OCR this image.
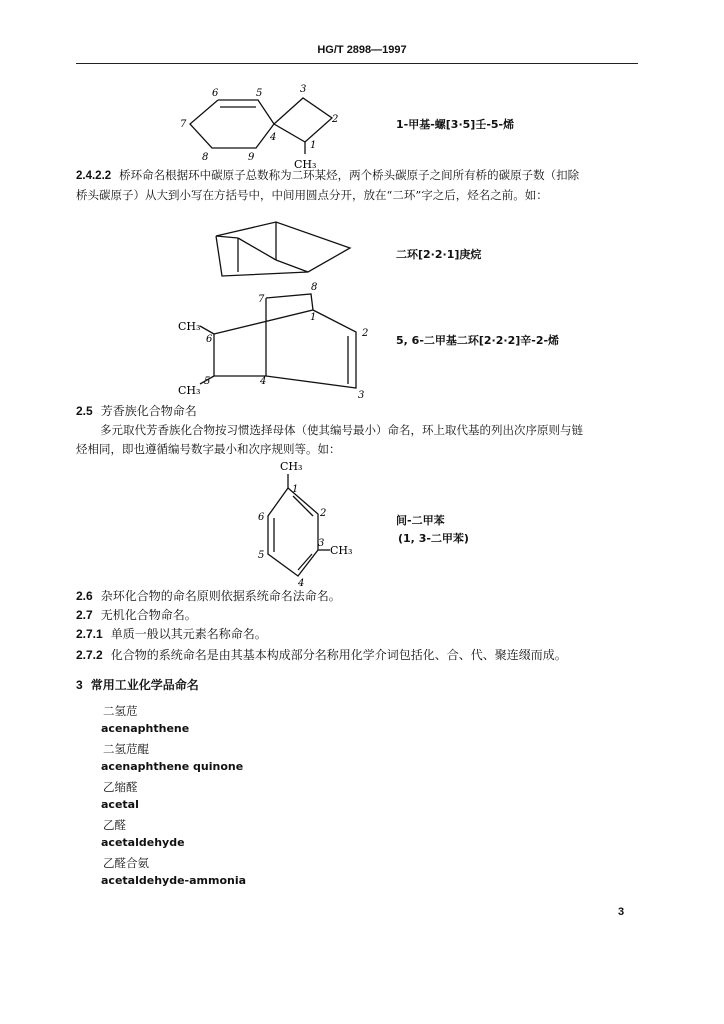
HG/T 2898—1997
6	5
7
4
8	9
3
2
1
CH₃
1-甲基-螺[3·5]壬-5-烯
2.4.2.2 桥环命名根据环中碳原子总数称为二环某烃，两个桥头碳原子之间所有桥的碳原子数（扣除
桥头碳原子）从大到小写在方括号中，中间用圆点分开，放在“二环”字之后，烃名之前。如：
二环[2·2·1]庚烷
7
8
1
6
2
5	4
3
CH₃
CH₃
5, 6-二甲基二环[2·2·2]辛-2-烯
2.5 芳香族化合物命名
多元取代芳香族化合物按习惯选择母体（使其编号最小）命名，环上取代基的列出次序原则与链
烃相同，即也遵循编号数字最小和次序规则等。如：
CH₃
1
6	2
5
3
4
CH₃
间-二甲苯
(1, 3-二甲苯)
2.6 杂环化合物的命名原则依据系统命名法命名。
2.7 无机化合物命名。
2.7.1 单质一般以其元素名称命名。
2.7.2 化合物的系统命名是由其基本构成部分名称用化学介词包括化、合、代、聚连缀而成。
3 常用工业化学品命名
二氢苊
acenaphthene
二氢苊醌
acenaphthene quinone
乙缩醛
acetal
乙醛
acetaldehyde
乙醛合氨
acetaldehyde-ammonia
3
